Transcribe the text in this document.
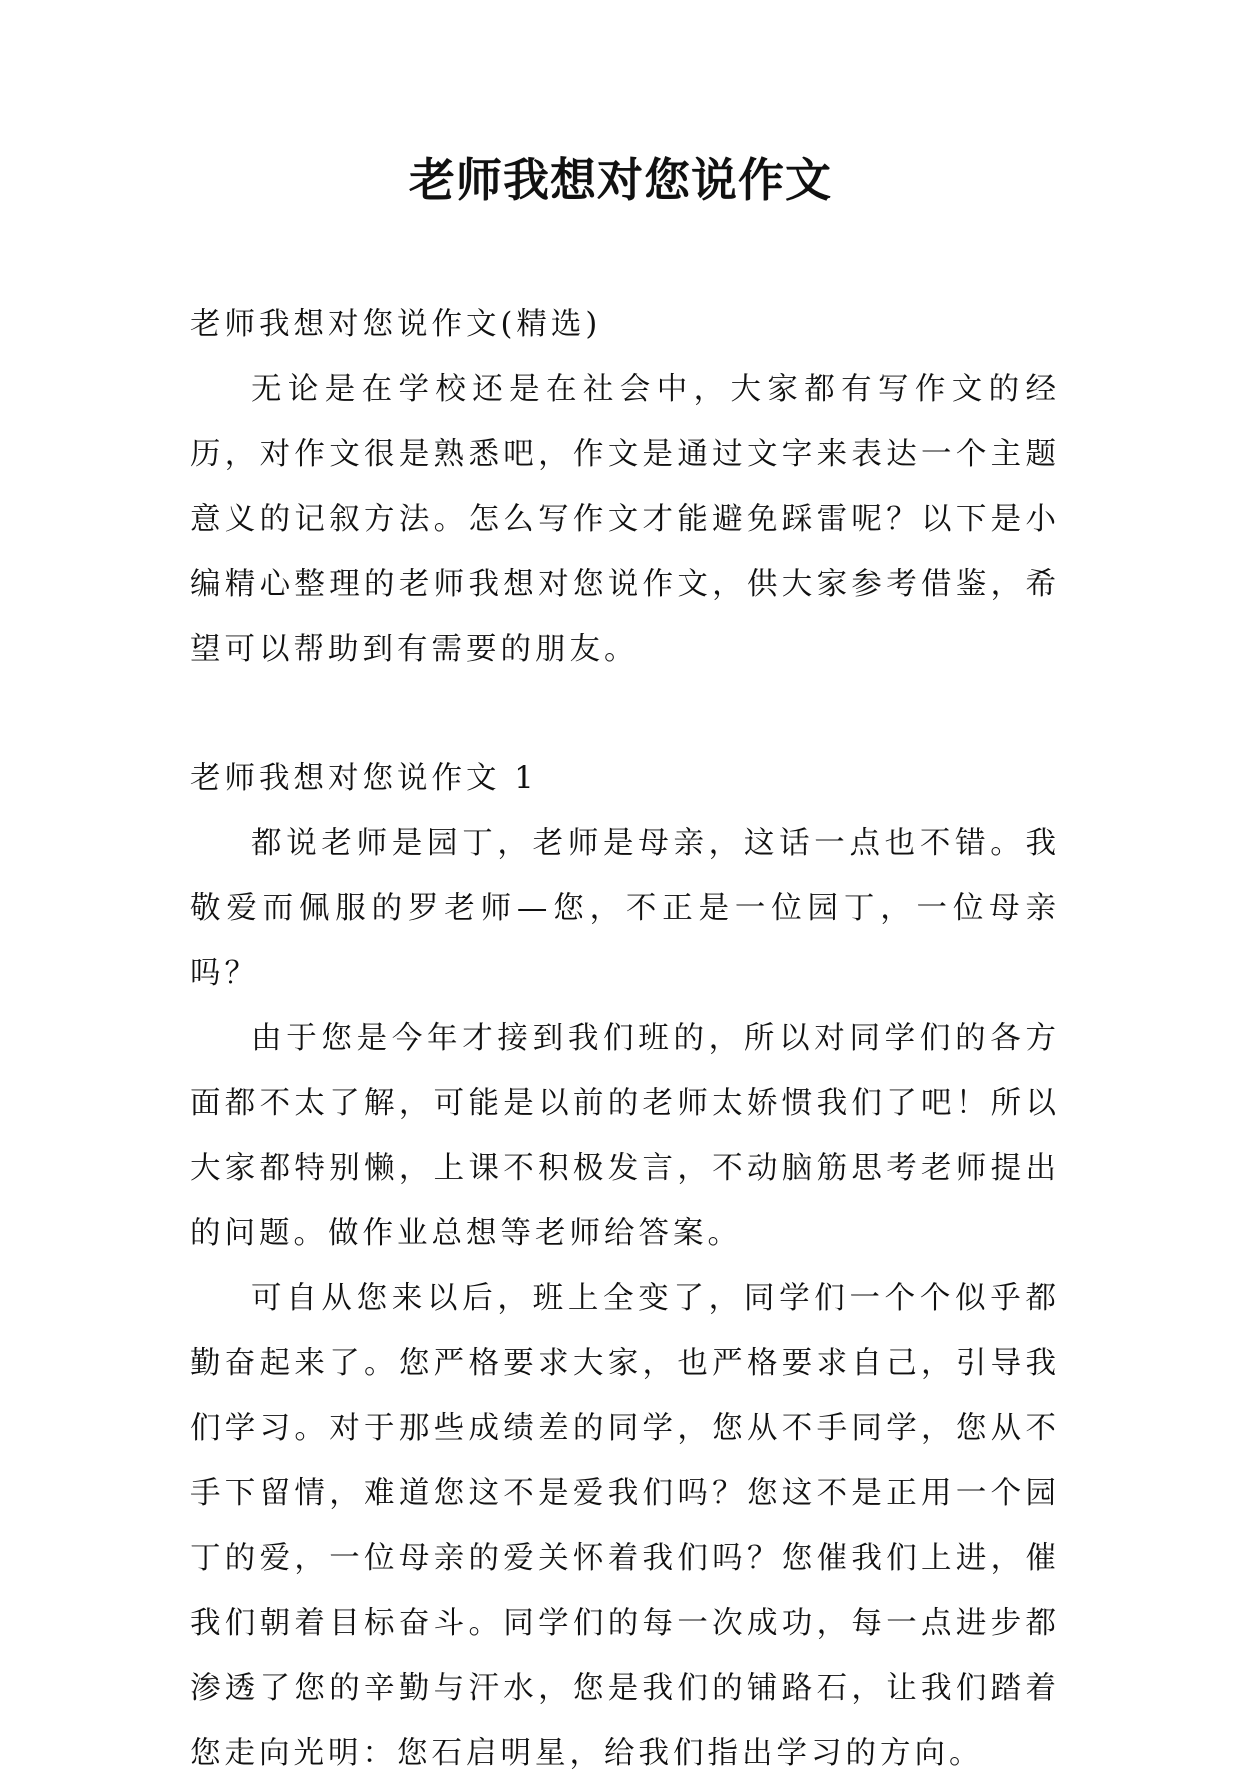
老师我想对您说作文

老师我想对您说作文(精选)

无论是在学校还是在社会中，大家都有写作文的经历，对作文很是熟悉吧，作文是通过文字来表达一个主题意义的记叙方法。怎么写作文才能避免踩雷呢？以下是小编精心整理的老师我想对您说作文，供大家参考借鉴，希望可以帮助到有需要的朋友。

老师我想对您说作文 1

都说老师是园丁，老师是母亲，这话一点也不错。我敬爱而佩服的罗老师—您，不正是一位园丁，一位母亲吗？

由于您是今年才接到我们班的，所以对同学们的各方面都不太了解，可能是以前的老师太娇惯我们了吧！所以大家都特别懒，上课不积极发言，不动脑筋思考老师提出的问题。做作业总想等老师给答案。

可自从您来以后，班上全变了，同学们一个个似乎都勤奋起来了。您严格要求大家，也严格要求自己，引导我们学习。对于那些成绩差的同学，您从不手同学，您从不手下留情，难道您这不是爱我们吗？您这不是正用一个园丁的爱，一位母亲的爱关怀着我们吗？您催我们上进，催我们朝着目标奋斗。同学们的每一次成功，每一点进步都渗透了您的辛勤与汗水，您是我们的铺路石，让我们踏着您走向光明：您石启明星，给我们指出学习的方向。
